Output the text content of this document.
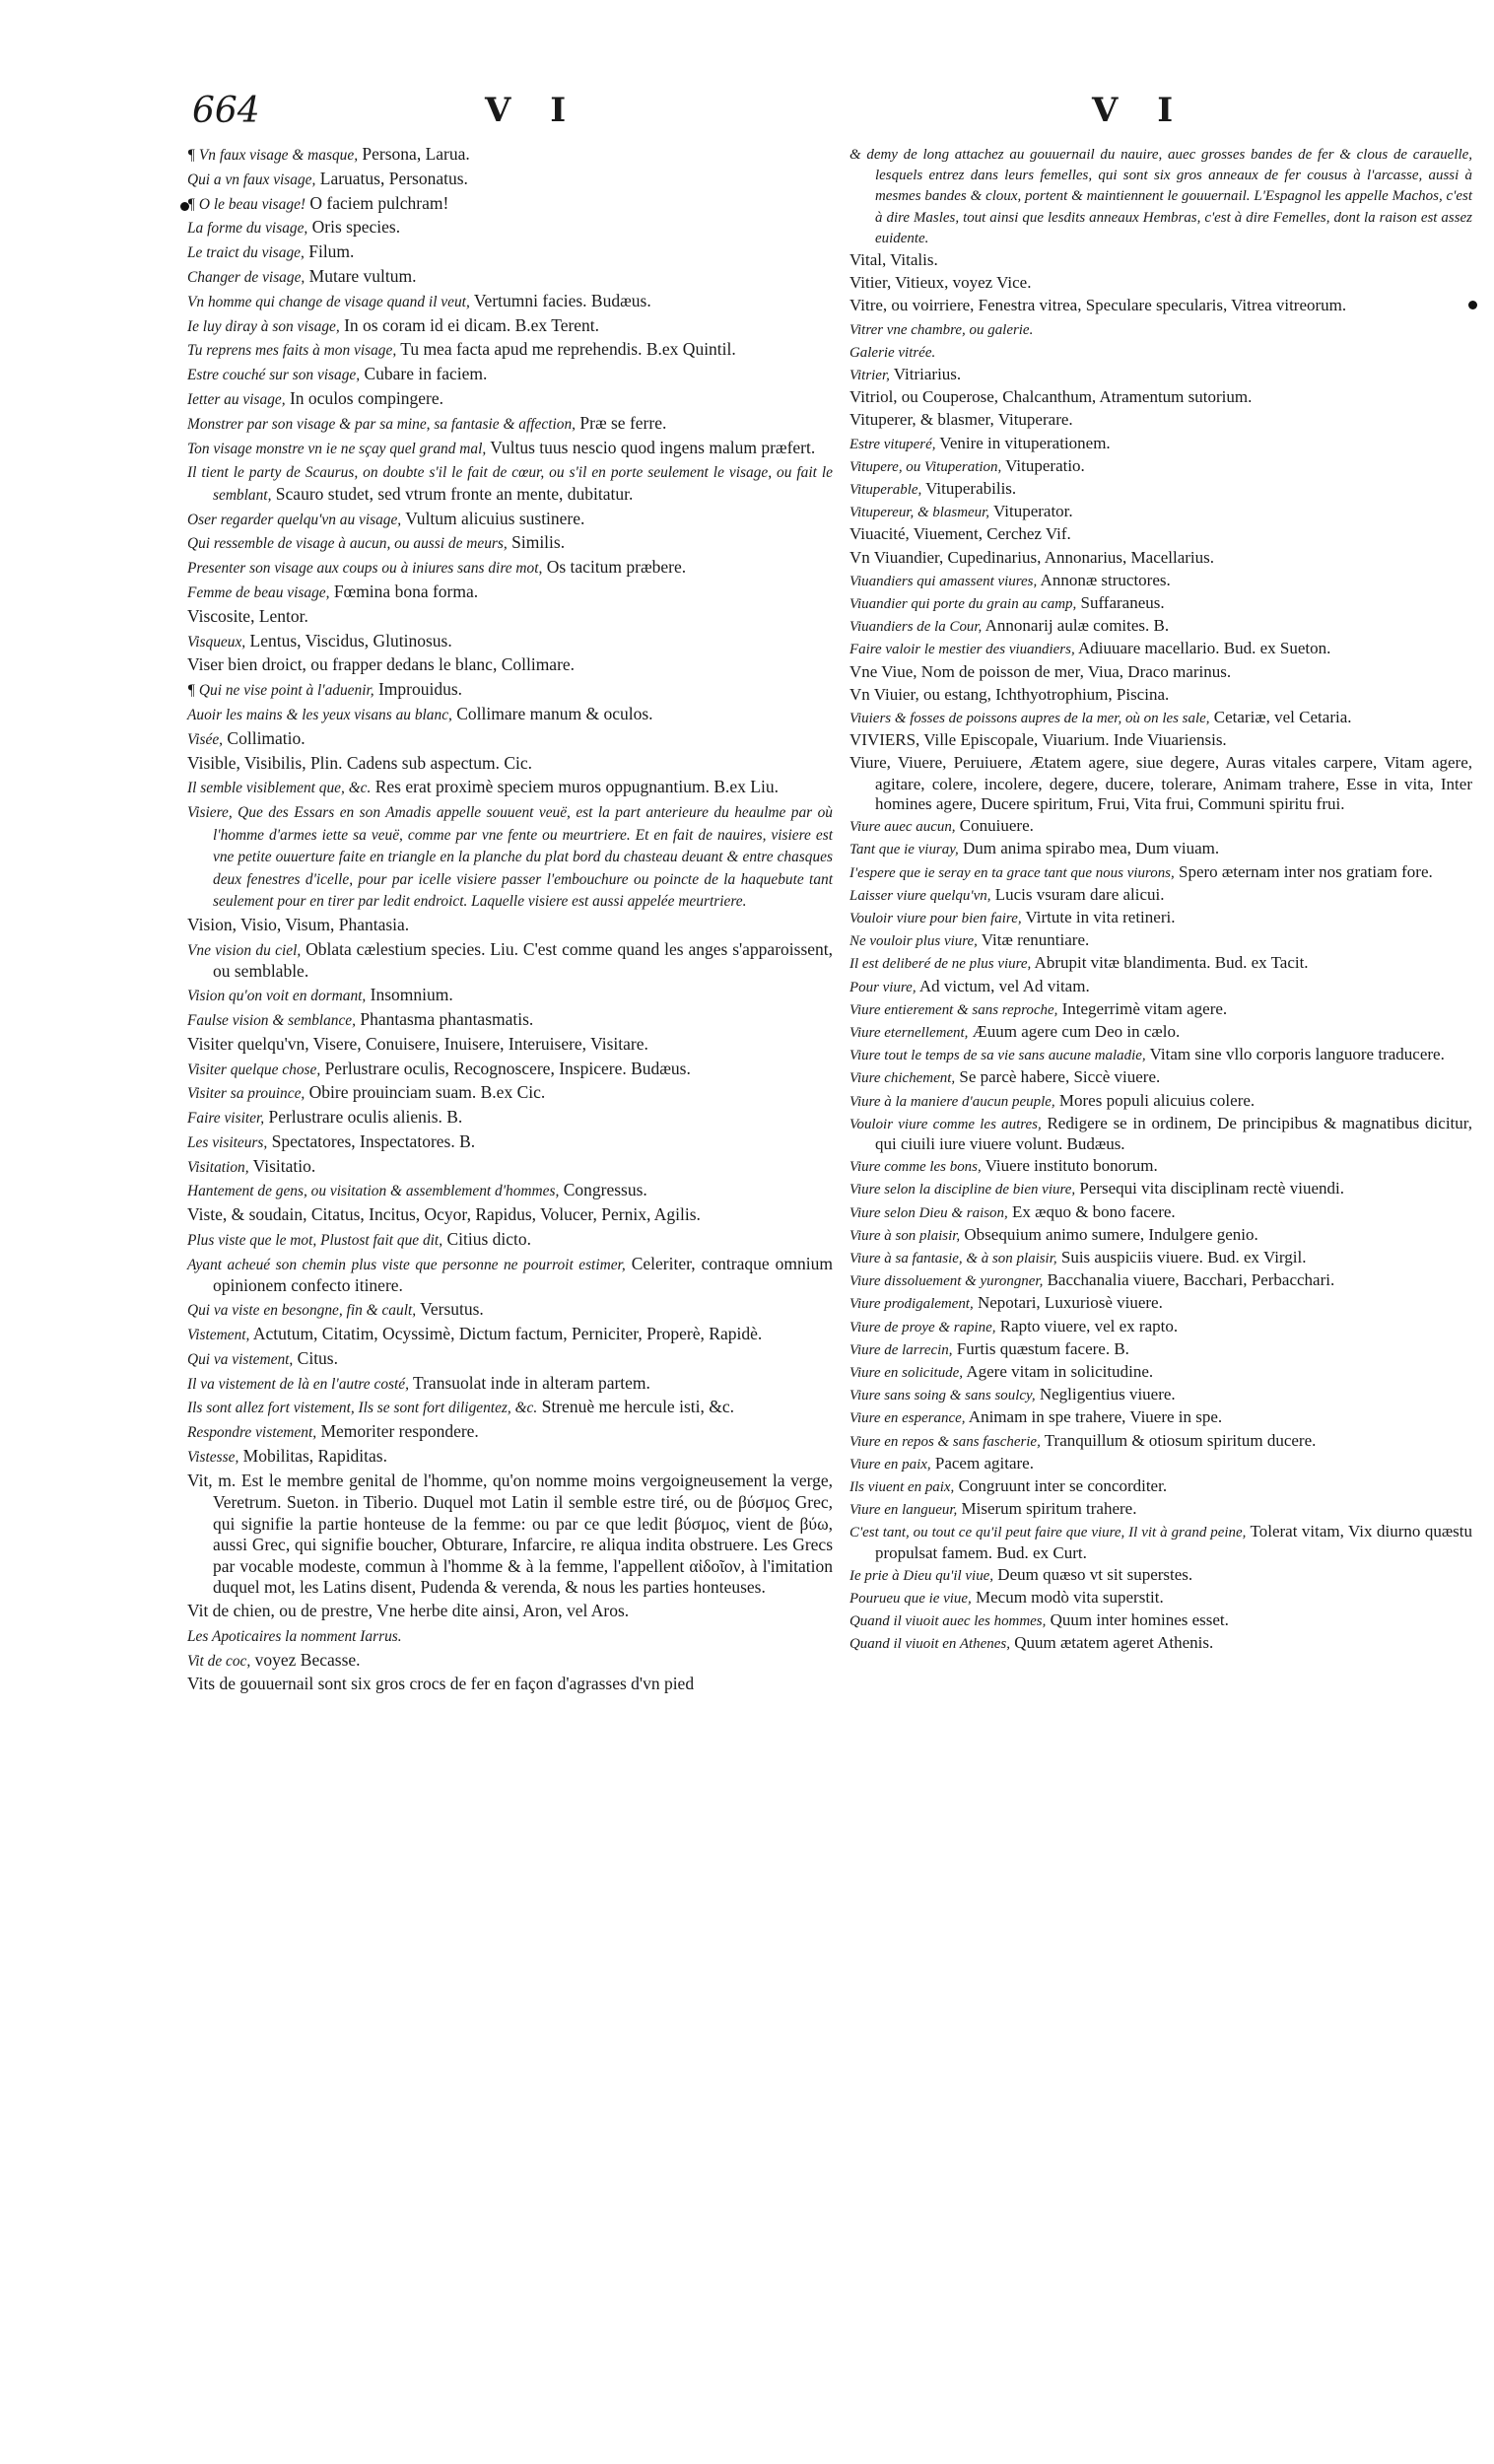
664	V I	V I
¶ Vn faux visage & masque, Persona, Larua.
Qui a vn faux visage, Laruatus, Personatus.
¶ O le beau visage! O faciem pulchram!
La forme du visage, Oris species.
Le traict du visage, Filum.
Changer de visage, Mutare vultum.
Vn homme qui change de visage quand il veut, Vertumni facies. Budæus.
Ie luy diray à son visage, In os coram id ei dicam. B.ex Terent.
Tu reprens mes faits à mon visage, Tu mea facta apud me reprehendis. B.ex Quintil.
Estre couché sur son visage, Cubare in faciem.
Ietter au visage, In oculos compingere.
Monstrer par son visage & par sa mine, sa fantasie & affection, Præ se ferre.
Ton visage monstre vn ie ne sçay quel grand mal, Vultus tuus nescio quod ingens malum præfert.
Il tient le party de Scaurus, on doubte s'il le fait de cœur, ou s'il en porte seulement le visage, ou fait le semblant, Scauro studet, sed vtrum fronte an mente, dubitatur.
Oser regarder quelqu'vn au visage, Vultum alicuius sustinere.
Qui ressemble de visage à aucun, ou aussi de meurs, Similis.
Presenter son visage aux coups ou à iniures sans dire mot, Os tacitum præbere.
Femme de beau visage, Fœmina bona forma.
Viscosite, Lentor.
Visqueux, Lentus, Viscidus, Glutinosus.
Viser bien droict, ou frapper dedans le blanc, Collimare.
¶ Qui ne vise point à l'aduenir, Improuidus.
Auoir les mains & les yeux visans au blanc, Collimare manum & oculos.
Visée, Collimatio.
Visible, Visibilis, Plin. Cadens sub aspectum. Cic.
Il semble visiblement que, &c. Res erat proximè speciem muros oppugnantium. B.ex Liu.
Visiere, Que des Essars en son Amadis appelle souuent veuë, est la part anterieure du heaulme par où l'homme d'armes iette sa veuë, comme par vne fente ou meurtriere. Et en fait de nauires, visiere est vne petite ouuerture faite en triangle en la planche du plat bord du chasteau deuant & entre chasques deux fenestres d'icelle, pour par icelle visiere passer l'embouchure ou poincte de la haquebute tant seulement pour en tirer par ledit endroict. Laquelle visiere est aussi appelée meurtriere.
Vision, Visio, Visum, Phantasia.
Vne vision du ciel, Oblata cælestium species. Liu. C'est comme quand les anges s'apparoissent, ou semblable.
Vision qu'on voit en dormant, Insomnium.
Faulse vision & semblance, Phantasma phantasmatis.
Visiter quelqu'vn, Visere, Conuisere, Inuisere, Interuisere, Visitare.
Visiter quelque chose, Perlustrare oculis, Recognoscere, Inspicere. Budæus.
Visiter sa prouince, Obire prouinciam suam. B.ex Cic.
Faire visiter, Perlustrare oculis alienis. B.
Les visiteurs, Spectatores, Inspectatores. B.
Visitation, Visitatio.
Hantement de gens, ou visitation & assemblement d'hommes, Congressus.
Viste, & soudain, Citatus, Incitus, Ocyor, Rapidus, Volucer, Pernix, Agilis.
Plus viste que le mot, Plustost fait que dit, Citius dicto.
Ayant acheué son chemin plus viste que personne ne pourroit estimer, Celeriter, contraque omnium opinionem confecto itinere.
Qui va viste en besongne, fin & cault, Versutus.
Vistement, Actutum, Citatim, Ocyssimè, Dictum factum, Perniciter, Properè, Rapidè.
Qui va vistement, Citus.
Il va vistement de là en l'autre costé, Transuolat inde in alteram partem.
Ils sont allez fort vistement, Ils se sont fort diligentez, &c. Strenuè me hercule isti, &c.
Respondre vistement, Memoriter respondere.
Vistesse, Mobilitas, Rapiditas.
Vit, m. Est le membre genital de l'homme, qu'on nomme moins vergoigneusement la verge, Veretrum. Sueton. in Tiberio. Duquel mot Latin il semble estre tiré, ou de βύσμος Grec, qui signifie la partie honteuse de la femme: ou par ce que ledit βύσμος, vient de βύω, aussi Grec, qui signifie boucher, Obturare, Infarcire, re aliqua indita obstruere. Les Grecs par vocable modeste, commun à l'homme & à la femme, l'appellent αἰδοῖον, à l'imitation duquel mot, les Latins disent, Pudenda & verenda, & nous les parties honteuses.
Vit de chien, ou de prestre, Vne herbe dite ainsi, Aron, vel Aros.
Les Apoticaires la nomment Iarrus.
Vit de coc, voyez Becasse.
Vits de gouuernail sont six gros crocs de fer en façon d'agrasses d'vn pied
& demy de long attachez au gouuernail du nauire, auec grosses bandes de fer & clous de carauelle, lesquels entrez dans leurs femelles, qui sont six gros anneaux de fer cousus à l'arcasse, aussi à mesmes bandes & cloux, portent & maintiennent le gouuernail. L'Espagnol les appelle Machos, c'est à dire Masles, tout ainsi que lesdits anneaux Hembras, c'est à dire Femelles, dont la raison est assez euidente.
Vital, Vitalis.
Vitier, Vitieux, voyez Vice.
Vitre, ou voirriere, Fenestra vitrea, Speculare specularis, Vitrea vitreorum.
Vitrer vne chambre, ou galerie.
Galerie vitrée.
Vitrier, Vitriarius.
Vitriol, ou Couperose, Chalcanthum, Atramentum sutorium.
Vituperer, & blasmer, Vituperare.
Estre vituperé, Venire in vituperationem.
Vitupere, ou Vituperation, Vituperatio.
Vituperable, Vituperabilis.
Vitupereur, & blasmeur, Vituperator.
Viuacité, Viuement, Cerchez Vif.
Vn Viuandier, Cupedinarius, Annonarius, Macellarius.
Viuandiers qui amassent viures, Annonæ structores.
Viuandier qui porte du grain au camp, Suffaraneus.
Viuandiers de la Cour, Annonarij aulæ comites. B.
Faire valoir le mestier des viuandiers, Adiuuare macellario. Bud. ex Sueton.
Vne Viue, Nom de poisson de mer, Viua, Draco marinus.
Vn Viuier, ou estang, Ichthyotrophium, Piscina.
Viuiers & fosses de poissons aupres de la mer, où on les sale, Cetariæ, vel Cetaria.
VIVIERS, Ville Episcopale, Viuarium. Inde Viuariensis.
Viure, Viuere, Peruiuere, Ætatem agere, siue degere, Auras vitales carpere, Vitam agere, agitare, colere, incolere, degere, ducere, tolerare, Animam trahere, Esse in vita, Inter homines agere, Ducere spiritum, Frui, Vita frui, Communi spiritu frui.
Viure auec aucun, Conuiuere.
Tant que ie viuray, Dum anima spirabo mea, Dum viuam.
I'espere que ie seray en ta grace tant que nous viurons, Spero æternam inter nos gratiam fore.
Laisser viure quelqu'vn, Lucis vsuram dare alicui.
Vouloir viure pour bien faire, Virtute in vita retineri.
Ne vouloir plus viure, Vitæ renuntiare.
Il est deliberé de ne plus viure, Abrupit vitæ blandimenta. Bud. ex Tacit.
Pour viure, Ad victum, vel Ad vitam.
Viure entierement & sans reproche, Integerrimè vitam agere.
Viure eternellement, Æuum agere cum Deo in cælo.
Viure tout le temps de sa vie sans aucune maladie, Vitam sine vllo corporis languore traducere.
Viure chichement, Se parcè habere, Siccè viuere.
Viure à la maniere d'aucun peuple, Mores populi alicuius colere.
Vouloir viure comme les autres, Redigere se in ordinem, De principibus & magnatibus dicitur, qui ciuili iure viuere volunt. Budæus.
Viure comme les bons, Viuere instituto bonorum.
Viure selon la discipline de bien viure, Persequi vita disciplinam rectè viuendi.
Viure selon Dieu & raison, Ex æquo & bono facere.
Viure à son plaisir, Obsequium animo sumere, Indulgere genio.
Viure à sa fantasie, & à son plaisir, Suis auspiciis viuere. Bud. ex Virgil.
Viure dissoluement & yurongner, Bacchanalia viuere, Bacchari, Perbacchari.
Viure prodigalement, Nepotari, Luxuriosè viuere.
Viure de proye & rapine, Rapto viuere, vel ex rapto.
Viure de larrecin, Furtis quæstum facere. B.
Viure en solicitude, Agere vitam in solicitudine.
Viure sans soing & sans soulcy, Negligentius viuere.
Viure en esperance, Animam in spe trahere, Viuere in spe.
Viure en repos & sans fascherie, Tranquillum & otiosum spiritum ducere.
Viure en paix, Pacem agitare.
Ils viuent en paix, Congruunt inter se concorditer.
Viure en langueur, Miserum spiritum trahere.
C'est tant, ou tout ce qu'il peut faire que viure, Il vit à grand peine, Tolerat vitam, Vix diurno quæstu propulsat famem. Bud. ex Curt.
Ie prie à Dieu qu'il viue, Deum quæso vt sit superstes.
Pourueu que ie viue, Mecum modò vita superstit.
Quand il viuoit auec les hommes, Quum inter homines esset.
Quand il viuoit en Athenes, Quum ætatem ageret Athenis.
